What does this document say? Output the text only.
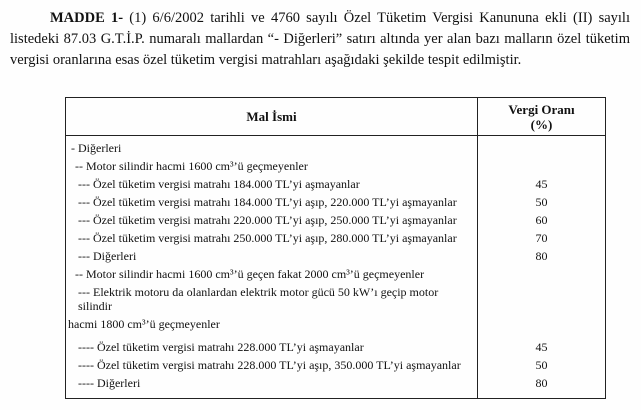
MADDE 1- (1) 6/6/2002 tarihli ve 4760 sayılı Özel Tüketim Vergisi Kanununa ekli (II) sayılı listedeki 87.03 G.T.İ.P. numaralı mallardan “- Diğerleri” satırı altında yer alan bazı malların özel tüketim vergisi oranlarına esas özel tüketim vergisi matrahları aşağıdaki şekilde tespit edilmiştir.

Mal İsmi	Vergi Oranı
(%)
- Diğerleri	
-- Motor silindir hacmi 1600 cm³’ü geçmeyenler	
--- Özel tüketim vergisi matrahı 184.000 TL’yi aşmayanlar	45
--- Özel tüketim vergisi matrahı 184.000 TL’yi aşıp, 220.000 TL’yi aşmayanlar	50
--- Özel tüketim vergisi matrahı 220.000 TL’yi aşıp, 250.000 TL’yi aşmayanlar	60
--- Özel tüketim vergisi matrahı 250.000 TL’yi aşıp, 280.000 TL’yi aşmayanlar	70
--- Diğerleri	80
-- Motor silindir hacmi 1600 cm³’ü geçen fakat 2000 cm³’ü geçmeyenler	
--- Elektrik motoru da olanlardan elektrik motor gücü 50 kW’ı geçip motor silindir	
hacmi 1800 cm³’ü geçmeyenler	
---- Özel tüketim vergisi matrahı 228.000 TL’yi aşmayanlar	45
---- Özel tüketim vergisi matrahı 228.000 TL’yi aşıp, 350.000 TL’yi aşmayanlar	50
---- Diğerleri	80
